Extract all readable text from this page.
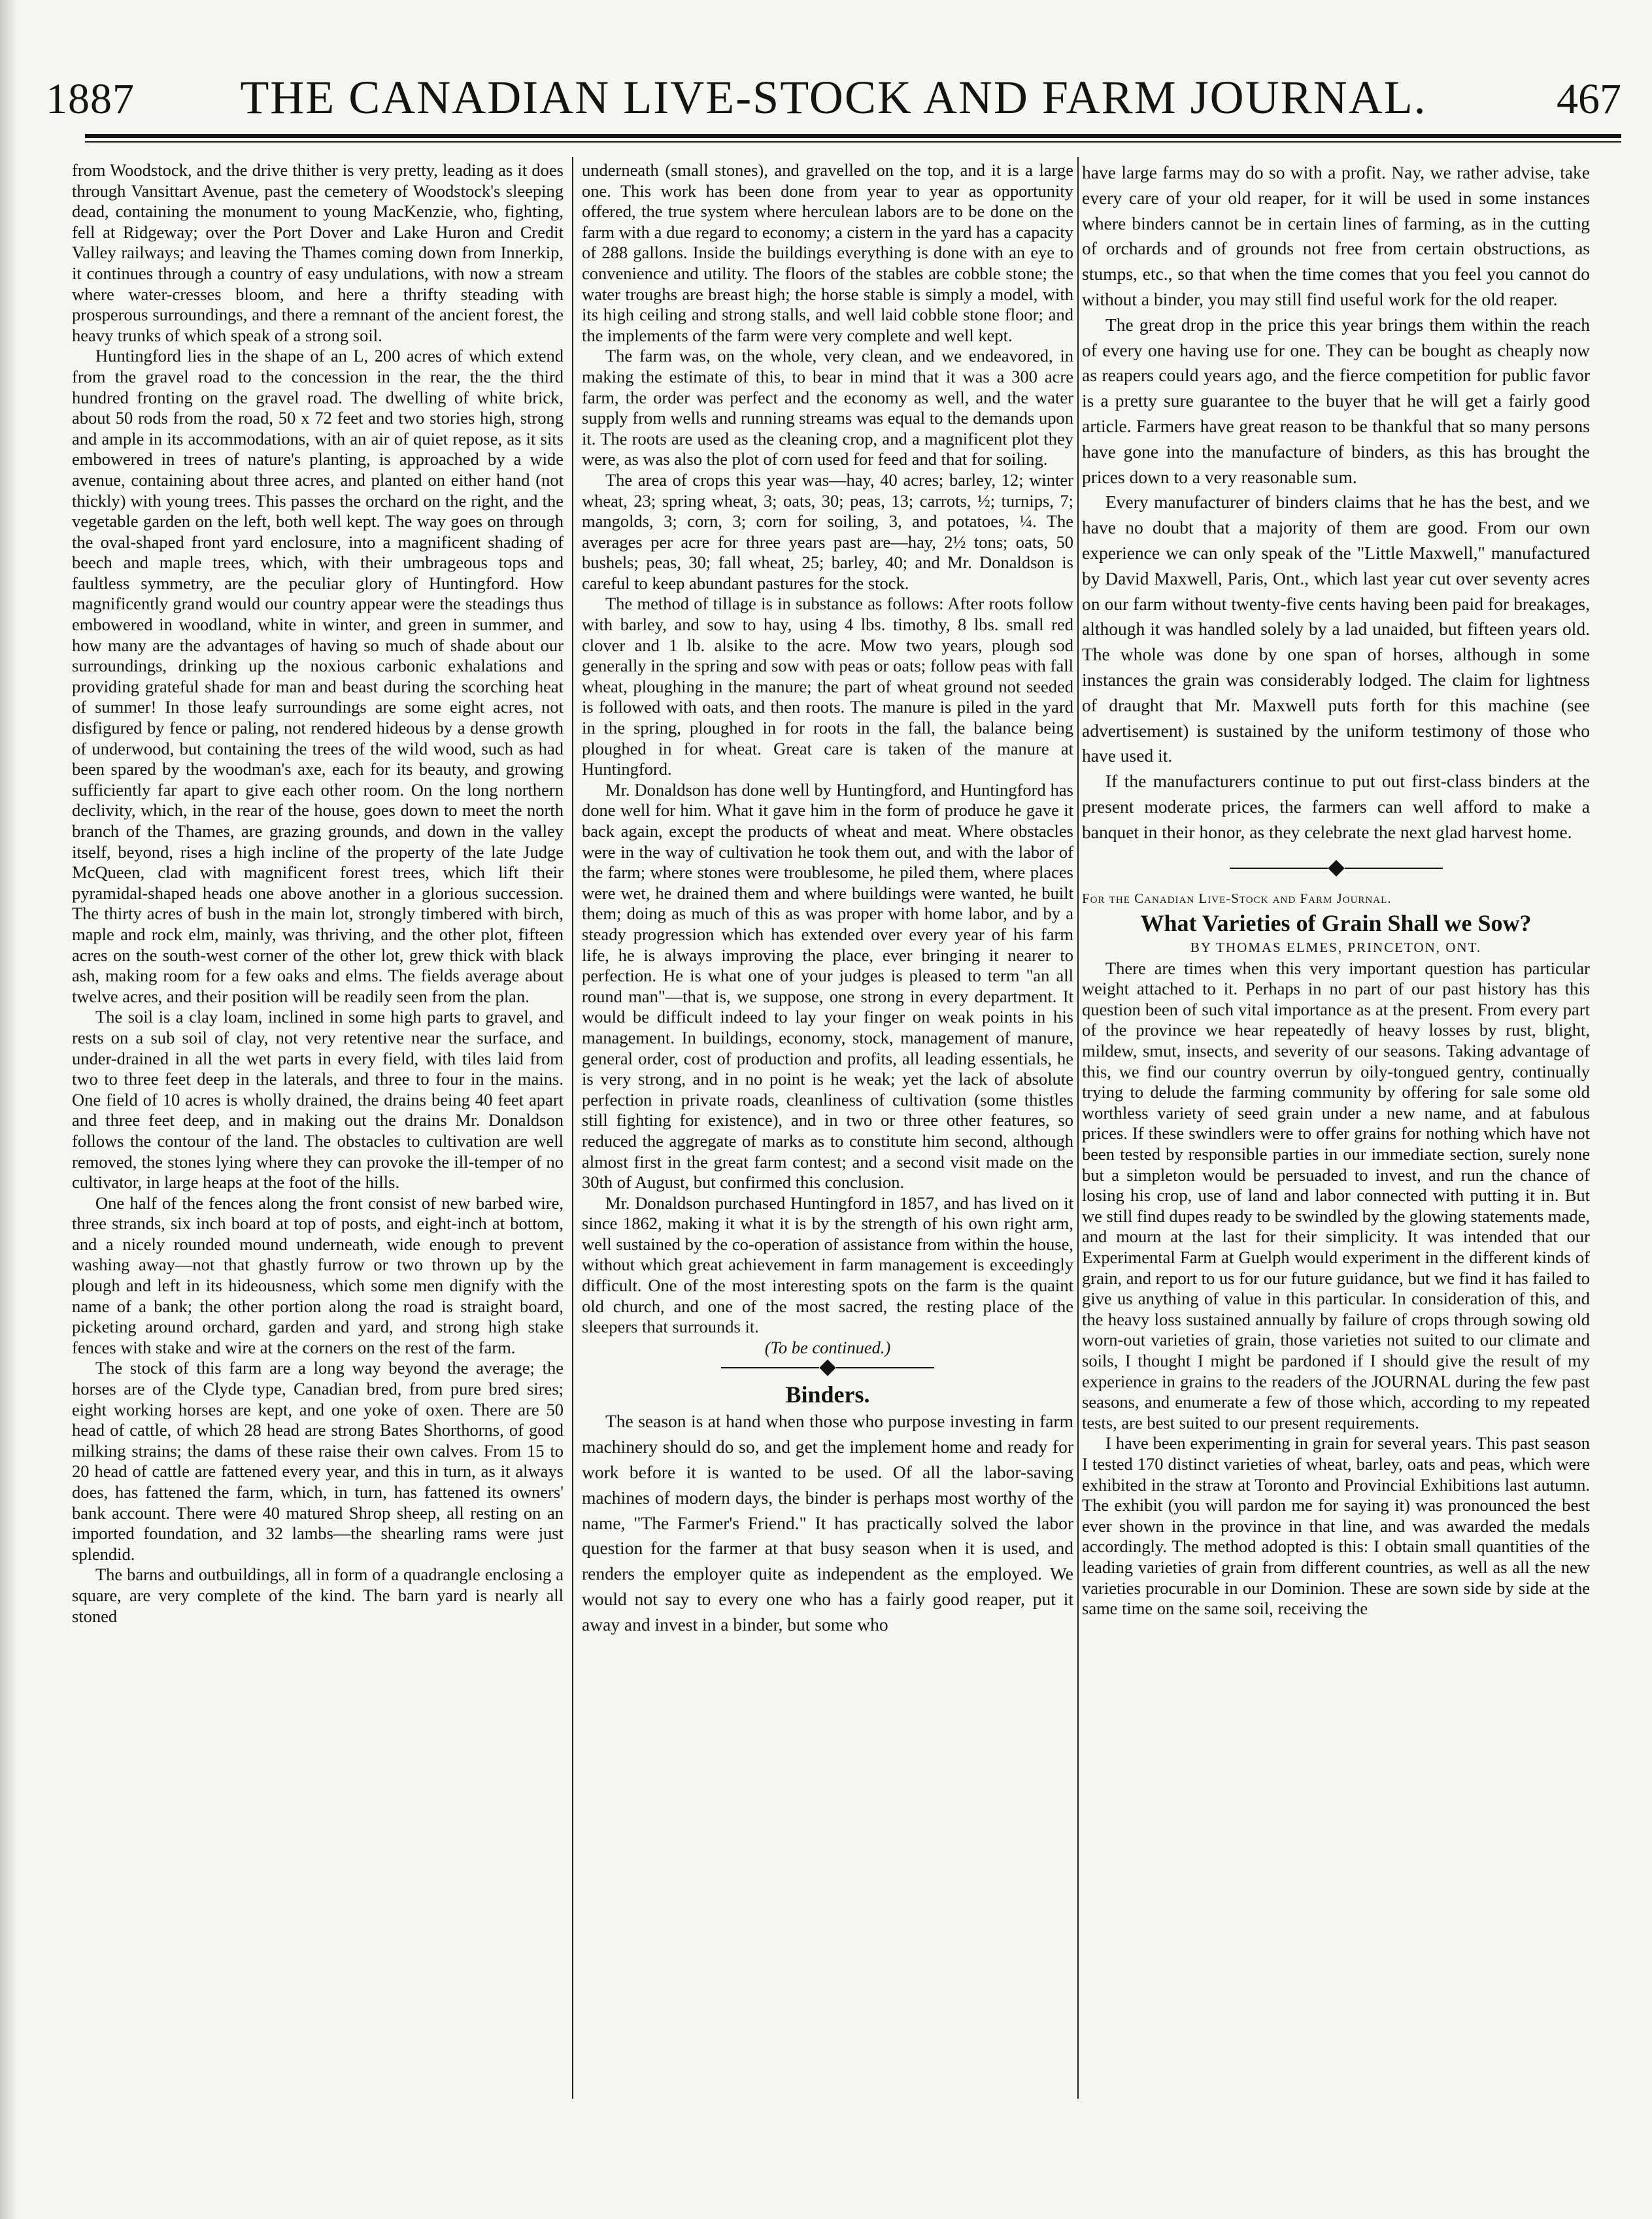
1887	THE CANADIAN LIVE-STOCK AND FARM JOURNAL.	467

from Woodstock, and the drive thither is very pretty, leading as it does through Vansittart Avenue, past the cemetery of Woodstock's sleeping dead, containing the monument to young MacKenzie, who, fighting, fell at Ridgeway; over the Port Dover and Lake Huron and Credit Valley railways; and leaving the Thames coming down from Innerkip, it continues through a country of easy undulations, with now a stream where water-cresses bloom, and here a thrifty steading with prosperous surroundings, and there a remnant of the ancient forest, the heavy trunks of which speak of a strong soil.

Huntingford lies in the shape of an L, 200 acres of which extend from the gravel road to the concession in the rear, the the third hundred fronting on the gravel road. The dwelling of white brick, about 50 rods from the road, 50 x 72 feet and two stories high, strong and ample in its accommodations, with an air of quiet repose, as it sits embowered in trees of nature's planting, is approached by a wide avenue, containing about three acres, and planted on either hand (not thickly) with young trees. This passes the orchard on the right, and the vegetable garden on the left, both well kept. The way goes on through the oval-shaped front yard enclosure, into a magnificent shading of beech and maple trees, which, with their umbrageous tops and faultless symmetry, are the peculiar glory of Huntingford. How magnificently grand would our country appear were the steadings thus embowered in woodland, white in winter, and green in summer, and how many are the advantages of having so much of shade about our surroundings, drinking up the noxious carbonic exhalations and providing grateful shade for man and beast during the scorching heat of summer! In those leafy surroundings are some eight acres, not disfigured by fence or paling, not rendered hideous by a dense growth of underwood, but containing the trees of the wild wood, such as had been spared by the woodman's axe, each for its beauty, and growing sufficiently far apart to give each other room. On the long northern declivity, which, in the rear of the house, goes down to meet the north branch of the Thames, are grazing grounds, and down in the valley itself, beyond, rises a high incline of the property of the late Judge McQueen, clad with magnificent forest trees, which lift their pyramidal-shaped heads one above another in a glorious succession. The thirty acres of bush in the main lot, strongly timbered with birch, maple and rock elm, mainly, was thriving, and the other plot, fifteen acres on the south-west corner of the other lot, grew thick with black ash, making room for a few oaks and elms. The fields average about twelve acres, and their position will be readily seen from the plan.

The soil is a clay loam, inclined in some high parts to gravel, and rests on a sub soil of clay, not very retentive near the surface, and under-drained in all the wet parts in every field, with tiles laid from two to three feet deep in the laterals, and three to four in the mains. One field of 10 acres is wholly drained, the drains being 40 feet apart and three feet deep, and in making out the drains Mr. Donaldson follows the contour of the land. The obstacles to cultivation are well removed, the stones lying where they can provoke the ill-temper of no cultivator, in large heaps at the foot of the hills.

One half of the fences along the front consist of new barbed wire, three strands, six inch board at top of posts, and eight-inch at bottom, and a nicely rounded mound underneath, wide enough to prevent washing away—not that ghastly furrow or two thrown up by the plough and left in its hideousness, which some men dignify with the name of a bank; the other portion along the road is straight board, picketing around orchard, garden and yard, and strong high stake fences with stake and wire at the corners on the rest of the farm.

The stock of this farm are a long way beyond the average; the horses are of the Clyde type, Canadian bred, from pure bred sires; eight working horses are kept, and one yoke of oxen. There are 50 head of cattle, of which 28 head are strong Bates Shorthorns, of good milking strains; the dams of these raise their own calves. From 15 to 20 head of cattle are fattened every year, and this in turn, as it always does, has fattened the farm, which, in turn, has fattened its owners' bank account. There were 40 matured Shrop sheep, all resting on an imported foundation, and 32 lambs—the shearling rams were just splendid.

The barns and outbuildings, all in form of a quadrangle enclosing a square, are very complete of the kind. The barn yard is nearly all stoned

underneath (small stones), and gravelled on the top, and it is a large one. This work has been done from year to year as opportunity offered, the true system where herculean labors are to be done on the farm with a due regard to economy; a cistern in the yard has a capacity of 288 gallons. Inside the buildings everything is done with an eye to convenience and utility. The floors of the stables are cobble stone; the water troughs are breast high; the horse stable is simply a model, with its high ceiling and strong stalls, and well laid cobble stone floor; and the implements of the farm were very complete and well kept.

The farm was, on the whole, very clean, and we endeavored, in making the estimate of this, to bear in mind that it was a 300 acre farm, the order was perfect and the economy as well, and the water supply from wells and running streams was equal to the demands upon it. The roots are used as the cleaning crop, and a magnificent plot they were, as was also the plot of corn used for feed and that for soiling.

The area of crops this year was—hay, 40 acres; barley, 12; winter wheat, 23; spring wheat, 3; oats, 30; peas, 13; carrots, ½; turnips, 7; mangolds, 3; corn, 3; corn for soiling, 3, and potatoes, ¼. The averages per acre for three years past are—hay, 2½ tons; oats, 50 bushels; peas, 30; fall wheat, 25; barley, 40; and Mr. Donaldson is careful to keep abundant pastures for the stock.

The method of tillage is in substance as follows: After roots follow with barley, and sow to hay, using 4 lbs. timothy, 8 lbs. small red clover and 1 lb. alsike to the acre. Mow two years, plough sod generally in the spring and sow with peas or oats; follow peas with fall wheat, ploughing in the manure; the part of wheat ground not seeded is followed with oats, and then roots. The manure is piled in the yard in the spring, ploughed in for roots in the fall, the balance being ploughed in for wheat. Great care is taken of the manure at Huntingford.

Mr. Donaldson has done well by Huntingford, and Huntingford has done well for him. What it gave him in the form of produce he gave it back again, except the products of wheat and meat. Where obstacles were in the way of cultivation he took them out, and with the labor of the farm; where stones were troublesome, he piled them, where places were wet, he drained them and where buildings were wanted, he built them; doing as much of this as was proper with home labor, and by a steady progression which has extended over every year of his farm life, he is always improving the place, ever bringing it nearer to perfection. He is what one of your judges is pleased to term "an all round man"—that is, we suppose, one strong in every department. It would be difficult indeed to lay your finger on weak points in his management. In buildings, economy, stock, management of manure, general order, cost of production and profits, all leading essentials, he is very strong, and in no point is he weak; yet the lack of absolute perfection in private roads, cleanliness of cultivation (some thistles still fighting for existence), and in two or three other features, so reduced the aggregate of marks as to constitute him second, although almost first in the great farm contest; and a second visit made on the 30th of August, but confirmed this conclusion.

Mr. Donaldson purchased Huntingford in 1857, and has lived on it since 1862, making it what it is by the strength of his own right arm, well sustained by the co-operation of assistance from within the house, without which great achievement in farm management is exceedingly difficult. One of the most interesting spots on the farm is the quaint old church, and one of the most sacred, the resting place of the sleepers that surrounds it.

(To be continued.)

Binders.

The season is at hand when those who purpose investing in farm machinery should do so, and get the implement home and ready for work before it is wanted to be used. Of all the labor-saving machines of modern days, the binder is perhaps most worthy of the name, "The Farmer's Friend." It has practically solved the labor question for the farmer at that busy season when it is used, and renders the employer quite as independent as the employed. We would not say to every one who has a fairly good reaper, put it away and invest in a binder, but some who

have large farms may do so with a profit. Nay, we rather advise, take every care of your old reaper, for it will be used in some instances where binders cannot be in certain lines of farming, as in the cutting of orchards and of grounds not free from certain obstructions, as stumps, etc., so that when the time comes that you feel you cannot do without a binder, you may still find useful work for the old reaper.

The great drop in the price this year brings them within the reach of every one having use for one. They can be bought as cheaply now as reapers could years ago, and the fierce competition for public favor is a pretty sure guarantee to the buyer that he will get a fairly good article. Farmers have great reason to be thankful that so many persons have gone into the manufacture of binders, as this has brought the prices down to a very reasonable sum.

Every manufacturer of binders claims that he has the best, and we have no doubt that a majority of them are good. From our own experience we can only speak of the "Little Maxwell," manufactured by David Maxwell, Paris, Ont., which last year cut over seventy acres on our farm without twenty-five cents having been paid for breakages, although it was handled solely by a lad unaided, but fifteen years old. The whole was done by one span of horses, although in some instances the grain was considerably lodged. The claim for lightness of draught that Mr. Maxwell puts forth for this machine (see advertisement) is sustained by the uniform testimony of those who have used it.

If the manufacturers continue to put out first-class binders at the present moderate prices, the farmers can well afford to make a banquet in their honor, as they celebrate the next glad harvest home.

For the Canadian Live-Stock and Farm Journal.

What Varieties of Grain Shall we Sow?

BY THOMAS ELMES, PRINCETON, ONT.

There are times when this very important question has particular weight attached to it. Perhaps in no part of our past history has this question been of such vital importance as at the present. From every part of the province we hear repeatedly of heavy losses by rust, blight, mildew, smut, insects, and severity of our seasons. Taking advantage of this, we find our country overrun by oily-tongued gentry, continually trying to delude the farming community by offering for sale some old worthless variety of seed grain under a new name, and at fabulous prices. If these swindlers were to offer grains for nothing which have not been tested by responsible parties in our immediate section, surely none but a simpleton would be persuaded to invest, and run the chance of losing his crop, use of land and labor connected with putting it in. But we still find dupes ready to be swindled by the glowing statements made, and mourn at the last for their simplicity. It was intended that our Experimental Farm at Guelph would experiment in the different kinds of grain, and report to us for our future guidance, but we find it has failed to give us anything of value in this particular. In consideration of this, and the heavy loss sustained annually by failure of crops through sowing old worn-out varieties of grain, those varieties not suited to our climate and soils, I thought I might be pardoned if I should give the result of my experience in grains to the readers of the JOURNAL during the few past seasons, and enumerate a few of those which, according to my repeated tests, are best suited to our present requirements.

I have been experimenting in grain for several years. This past season I tested 170 distinct varieties of wheat, barley, oats and peas, which were exhibited in the straw at Toronto and Provincial Exhibitions last autumn. The exhibit (you will pardon me for saying it) was pronounced the best ever shown in the province in that line, and was awarded the medals accordingly. The method adopted is this: I obtain small quantities of the leading varieties of grain from different countries, as well as all the new varieties procurable in our Dominion. These are sown side by side at the same time on the same soil, receiving the
